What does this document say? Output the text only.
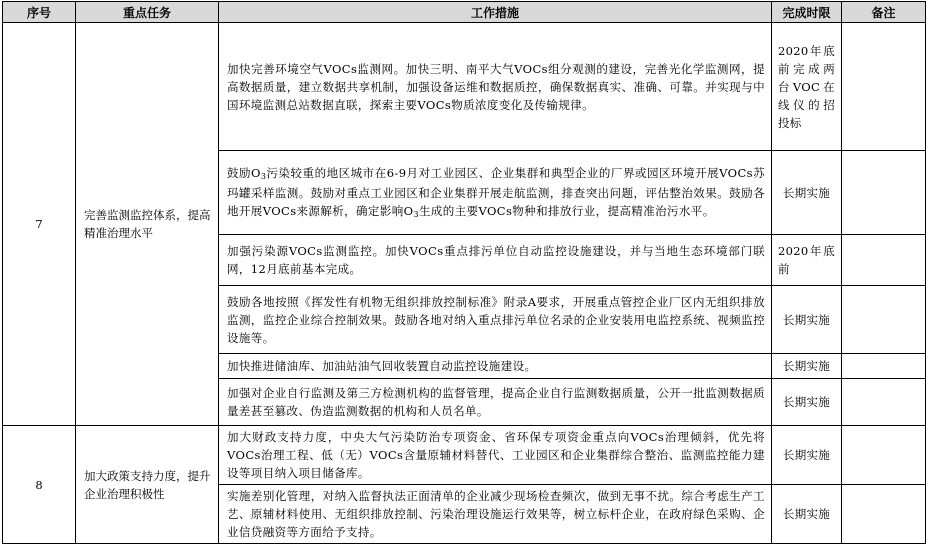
序号	重点任务	工作措施	完成时限	备注
7	完善监测监控体系，提高精准治理水平	加快完善环境空气VOCs监测网。加快三明、南平大气VOCs组分观测的建设，完善光化学监测网，提高数据质量，建立数据共享机制，加强设备运维和数据质控，确保数据真实、准确、可靠。并实现与中国环境监测总站数据直联，探索主要VOCs物质浓度变化及传输规律。	2020年底前完成两台VOC在线仪的招投标	
		鼓励O3污染较重的地区城市在6-9月对工业园区、企业集群和典型企业的厂界或园区环境开展VOCs苏玛罐采样监测。鼓励对重点工业园区和企业集群开展走航监测，排查突出问题，评估整治效果。鼓励各地开展VOCs来源解析，确定影响O3生成的主要VOCs物种和排放行业，提高精准治污水平。	长期实施	
		加强污染源VOCs监测监控。加快VOCs重点排污单位自动监控设施建设，并与当地生态环境部门联网，12月底前基本完成。	2020年底前	
		鼓励各地按照《挥发性有机物无组织排放控制标准》附录A要求，开展重点管控企业厂区内无组织排放监测，监控企业综合控制效果。鼓励各地对纳入重点排污单位名录的企业安装用电监控系统、视频监控设施等。	长期实施	
		加快推进储油库、加油站油气回收装置自动监控设施建设。	长期实施	
		加强对企业自行监测及第三方检测机构的监督管理，提高企业自行监测数据质量，公开一批监测数据质量差甚至篡改、伪造监测数据的机构和人员名单。	长期实施	
8	加大政策支持力度，提升企业治理积极性	加大财政支持力度，中央大气污染防治专项资金、省环保专项资金重点向VOCs治理倾斜，优先将VOCs治理工程、低（无）VOCs含量原辅材料替代、工业园区和企业集群综合整治、监测监控能力建设等项目纳入项目储备库。	长期实施	
		实施差别化管理，对纳入监督执法正面清单的企业减少现场检查频次，做到无事不扰。综合考虑生产工艺、原辅材料使用、无组织排放控制、污染治理设施运行效果等，树立标杆企业，在政府绿色采购、企业信贷融资等方面给予支持。	长期实施	
